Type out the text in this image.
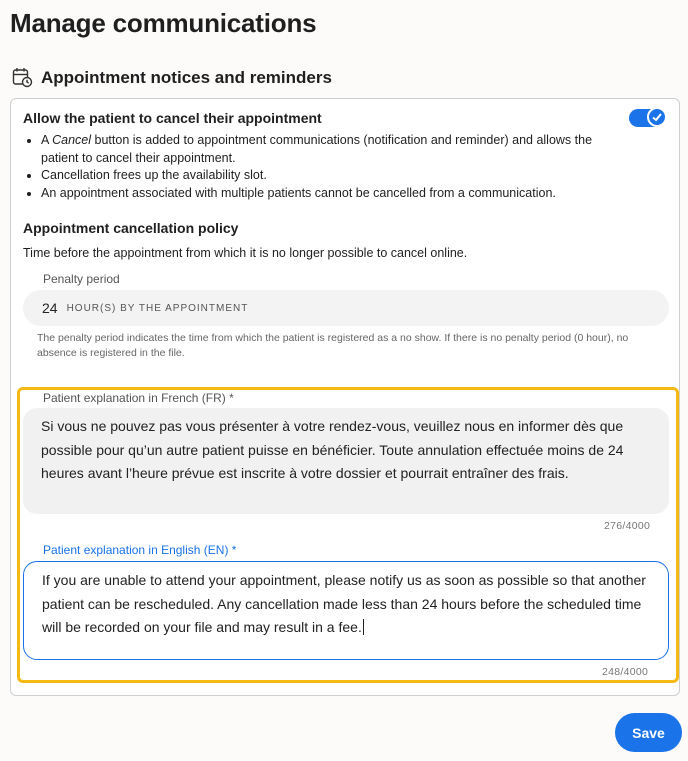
Manage communications
Appointment notices and reminders
Allow the patient to cancel their appointment
• A Cancel button is added to appointment communications (notification and reminder) and allows the patient to cancel their appointment.
• Cancellation frees up the availability slot.
• An appointment associated with multiple patients cannot be cancelled from a communication.
Appointment cancellation policy
Time before the appointment from which it is no longer possible to cancel online.
Penalty period
24 HOUR(S) BY THE APPOINTMENT
The penalty period indicates the time from which the patient is registered as a no show. If there is no penalty period (0 hour), no absence is registered in the file.
Patient explanation in French (FR) *
Si vous ne pouvez pas vous présenter à votre rendez-vous, veuillez nous en informer dès que possible pour qu’un autre patient puisse en bénéficier. Toute annulation effectuée moins de 24 heures avant l’heure prévue est inscrite à votre dossier et pourrait entraîner des frais.
276/4000
Patient explanation in English (EN) *
If you are unable to attend your appointment, please notify us as soon as possible so that another patient can be rescheduled. Any cancellation made less than 24 hours before the scheduled time will be recorded on your file and may result in a fee.
248/4000
Save
